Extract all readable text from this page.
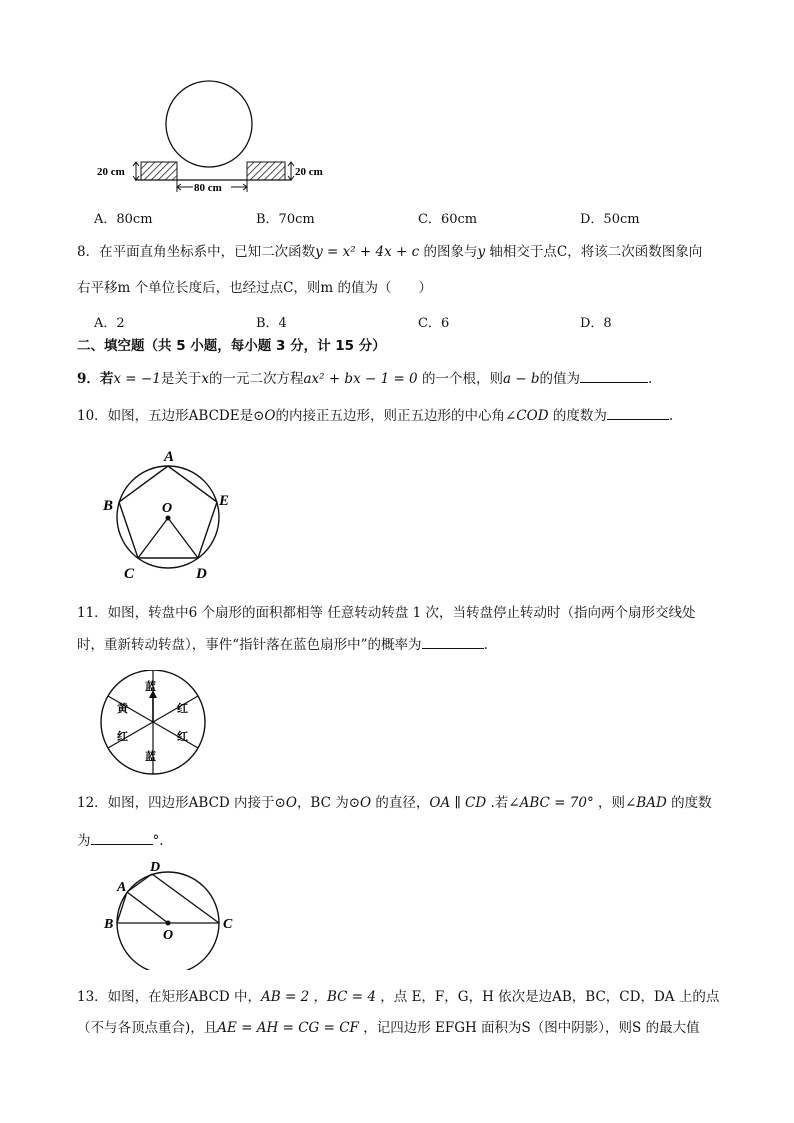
20 cm	20 cm
80 cm
A．80cm	B．70cm	C．60cm	D．50cm
8．在平面直角坐标系中，已知二次函数y = x² + 4x + c 的图象与y 轴相交于点C，将该二次函数图象向
右平移m 个单位长度后，也经过点C，则m 的值为（　　）
A．2	B．4	C．6	D．8
二、填空题（共 5 小题，每小题 3 分，计 15 分）
9．若x = −1是关于x的一元二次方程ax² + bx − 1 = 0 的一个根，则a − b的值为	.
10．如图，五边形ABCDE是⊙O的内接正五边形，则正五边形的中心角∠COD 的度数为	.
A
B
C	D
E
O
11．如图，转盘中6 个扇形的面积都相等 任意转动转盘 1 次，当转盘停止转动时（指向两个扇形交线处
时，重新转动转盘），事件“指针落在蓝色扇形中”的概率为	.
蓝
红
红
蓝
红
黄
12．如图，四边形ABCD 内接于⊙O，BC 为⊙O 的直径，OA ∥ CD .若∠ABC = 70° ，则∠BAD 的度数
为	°.
A
D
B
O
C
13．如图，在矩形ABCD 中，AB = 2 ，BC = 4 ，点 E，F，G，H 依次是边AB，BC，CD，DA 上的点
（不与各顶点重合)，且AE = AH = CG = CF ，记四边形 EFGH 面积为S（图中阴影），则S 的最大值
